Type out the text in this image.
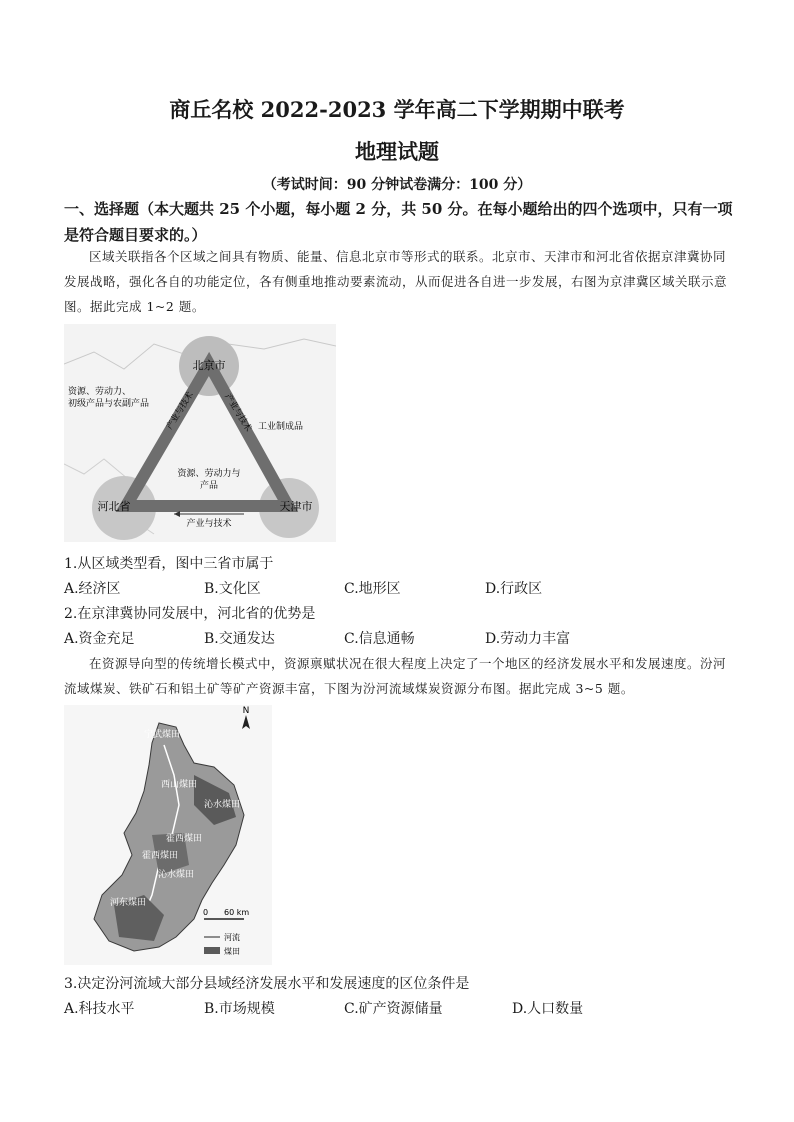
商丘名校 2022-2023 学年高二下学期期中联考
地理试题
（考试时间：90 分钟试卷满分：100 分）
一、选择题（本大题共 25 个小题，每小题 2 分，共 50 分。在每小题给出的四个选项中，只有一项是符合题目要求的。）
区域关联指各个区域之间具有物质、能量、信息北京市等形式的联系。北京市、天津市和河北省依据京津冀协同发展战略，强化各自的功能定位，各有侧重地推动要素流动，从而促进各自进一步发展，右图为京津冀区域关联示意图。据此完成 1~2 题。
北京市
河北省	天津市
资源、劳动力、
初级产品与农副产品
工业制成品
产业与技术	产业与技术
资源、劳动力与
产品
产业与技术
1.从区域类型看，图中三省市属于
A.经济区	B.文化区	C.地形区	D.行政区
2.在京津冀协同发展中，河北省的优势是
A.资金充足	B.交通发达	C.信息通畅	D.劳动力丰富
在资源导向型的传统增长模式中，资源禀赋状况在很大程度上决定了一个地区的经济发展水平和发展速度。汾河流域煤炭、铁矿石和铝土矿等矿产资源丰富，下图为汾河流域煤炭资源分布图。据此完成 3~5 题。
N
宁武煤田
西山煤田
沁水煤田
霍西煤田
霍西煤田
河东煤田
沁水煤田
0 60 km
河流
煤田
3.决定汾河流域大部分县域经济发展水平和发展速度的区位条件是
A.科技水平	B.市场规模	C.矿产资源储量	D.人口数量
